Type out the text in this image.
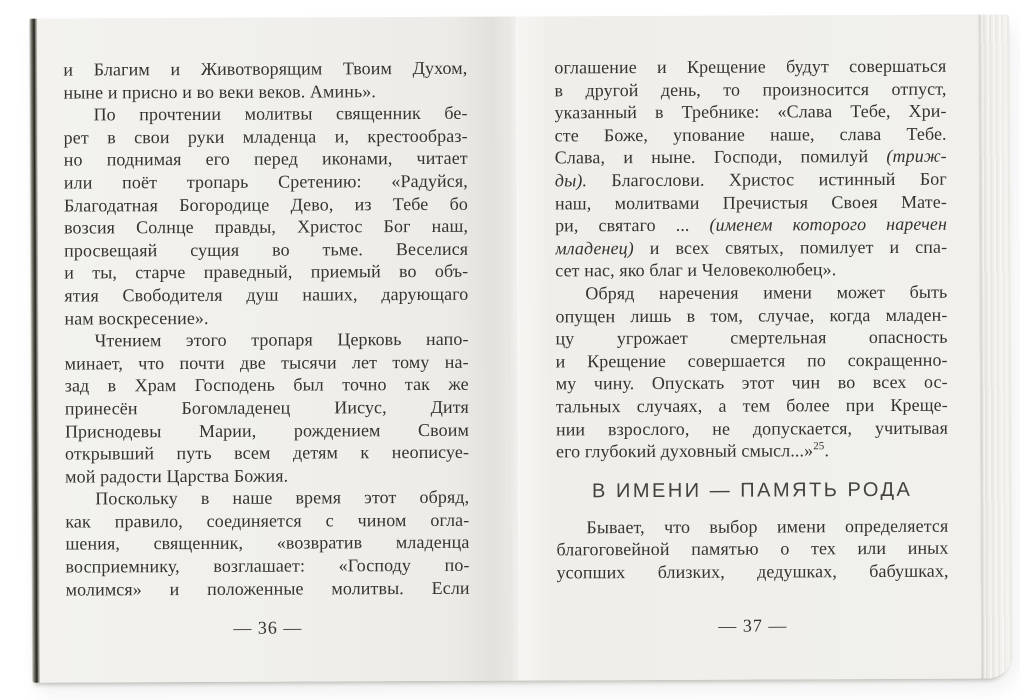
и Благим и Животворящим Твоим Духом,
ныне и присно и во веки веков. Аминь».
По прочтении молитвы священник бе-
рет в свои руки младенца и, крестообраз-
но поднимая его перед иконами, читает
или поёт тропарь Сретению: «Радуйся,
Благодатная Богородице Дево, из Тебе бо
возсия Солнце правды, Христос Бог наш,
просвещаяй сущия во тьме. Веселися
и ты, старче праведный, приемый во объ-
ятия Свободителя душ наших, дарующаго
нам воскресение».
Чтением этого тропаря Церковь напо-
минает, что почти две тысячи лет тому на-
зад в Храм Господень был точно так же
принесён Богомладенец Иисус, Дитя
Приснодевы Марии, рождением Своим
открывший путь всем детям к неописуе-
мой радости Царства Божия.
Поскольку в наше время этот обряд,
как правило, соединяется с чином огла-
шения, священник, «возвратив младенца
восприемнику, возглашает: «Господу по-
молимся» и положенные молитвы. Если
— 36 —
оглашение и Крещение будут совершаться
в другой день, то произносится отпуст,
указанный в Требнике: «Слава Тебе, Хри-
сте Боже, упование наше, слава Тебе.
Слава, и ныне. Господи, помилуй (триж-
ды). Благослови. Христос истинный Бог
наш, молитвами Пречистыя Своея Мате-
ри, святаго ... (именем которого наречен
младенец) и всех святых, помилует и спа-
сет нас, яко благ и Человеколюбец».
Обряд наречения имени может быть
опущен лишь в том, случае, когда младен-
цу угрожает смертельная опасность
и Крещение совершается по сокращенно-
му чину. Опускать этот чин во всех ос-
тальных случаях, а тем более при Креще-
нии взрослого, не допускается, учитывая
его глубокий духовный смысл...»$^{25}$.
В ИМЕНИ — ПАМЯТЬ РОДА
Бывает, что выбор имени определяется
благоговейной памятью о тех или иных
усопших близких, дедушках, бабушках,
— 37 —
